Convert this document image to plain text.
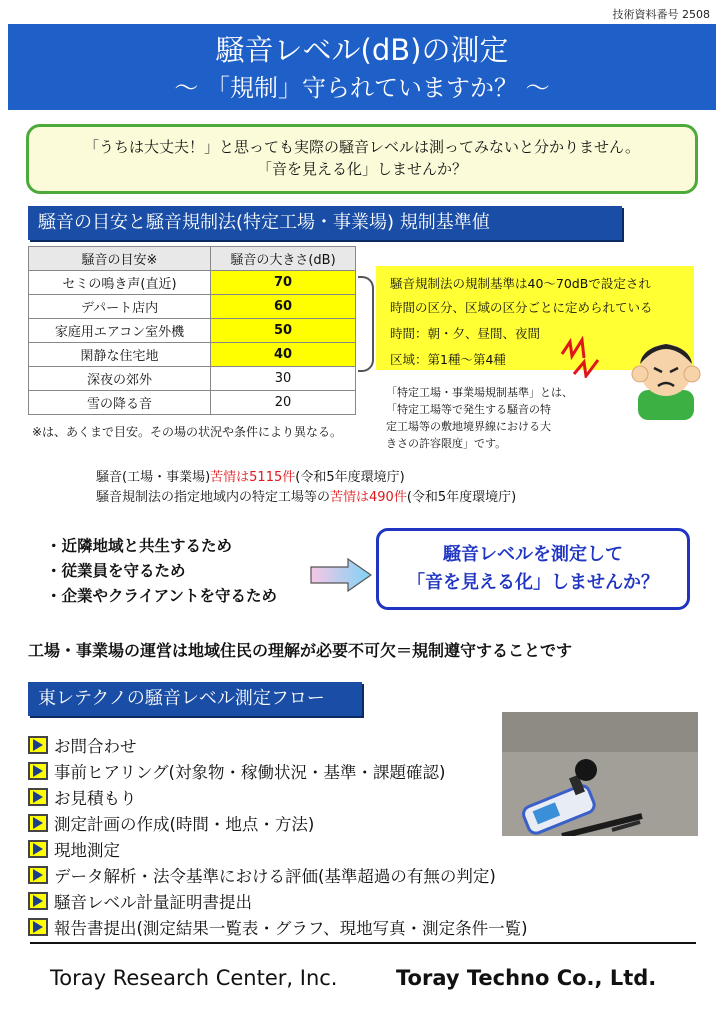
技術資料番号 2508
騒音レベル(dB)の測定
～ 「規制」守られていますか？ ～
「うちは大丈夫！」と思っても実際の騒音レベルは測ってみないと分かりません。
「音を見える化」しませんか？
騒音の目安と騒音規制法(特定工場・事業場) 規制基準値
騒音の目安※	騒音の大きさ(dB)
セミの鳴き声(直近)	70
デパート店内	60
家庭用エアコン室外機	50
閑静な住宅地	40
深夜の郊外	30
雪の降る音	20
※は、あくまで目安。その場の状況や条件により異なる。
騒音規制法の規制基準は40～70dBで設定され
時間の区分、区域の区分ごとに定められている
時間：朝・夕、昼間、夜間
区域：第1種～第4種
「特定工場・事業場規制基準」とは、
「特定工場等で発生する騒音の特
定工場等の敷地境界線における大
きさの許容限度」です。
騒音(工場・事業場)苦情は5115件(令和5年度環境庁)
騒音規制法の指定地域内の特定工場等の苦情は490件(令和5年度環境庁)
・近隣地域と共生するため
・従業員を守るため
・企業やクライアントを守るため
騒音レベルを測定して
「音を見える化」しませんか？
工場・事業場の運営は地域住民の理解が必要不可欠＝規制遵守することです
東レテクノの騒音レベル測定フロー
お問合わせ
事前ヒアリング(対象物・稼働状況・基準・課題確認)
お見積もり
測定計画の作成(時間・地点・方法)
現地測定
データ解析・法令基準における評価(基準超過の有無の判定)
騒音レベル計量証明書提出
報告書提出(測定結果一覧表・グラフ、現地写真・測定条件一覧)
Toray Research Center, Inc.	Toray Techno Co., Ltd.
